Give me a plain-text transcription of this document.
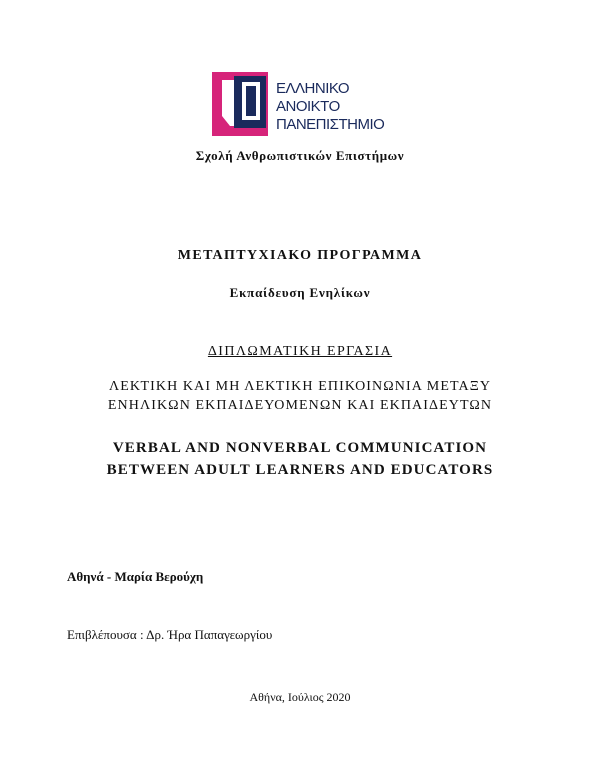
ΕΛΛΗΝΙΚΟ
ΑΝΟΙΚΤΟ
ΠΑΝΕΠΙΣΤΗΜΙΟ
Σχολή Ανθρωπιστικών Επιστήμων
ΜΕΤΑΠΤΥΧΙΑΚΟ ΠΡΟΓΡΑΜΜΑ
Εκπαίδευση Ενηλίκων
ΔΙΠΛΩΜΑΤΙΚΗ ΕΡΓΑΣΙΑ
ΛΕΚΤΙΚΗ ΚΑΙ ΜΗ ΛΕΚΤΙΚΗ ΕΠΙΚΟΙΝΩΝΙΑ ΜΕΤΑΞΥ
ΕΝΗΛΙΚΩΝ ΕΚΠΑΙΔΕΥΟΜΕΝΩΝ ΚΑΙ ΕΚΠΑΙΔΕΥΤΩΝ
VERBAL AND NONVERBAL COMMUNICATION
BETWEEN ADULT LEARNERS AND EDUCATORS
Αθηνά - Μαρία Βερούχη
Επιβλέπουσα : Δρ. Ήρα Παπαγεωργίου
Αθήνα, Ιούλιος 2020
